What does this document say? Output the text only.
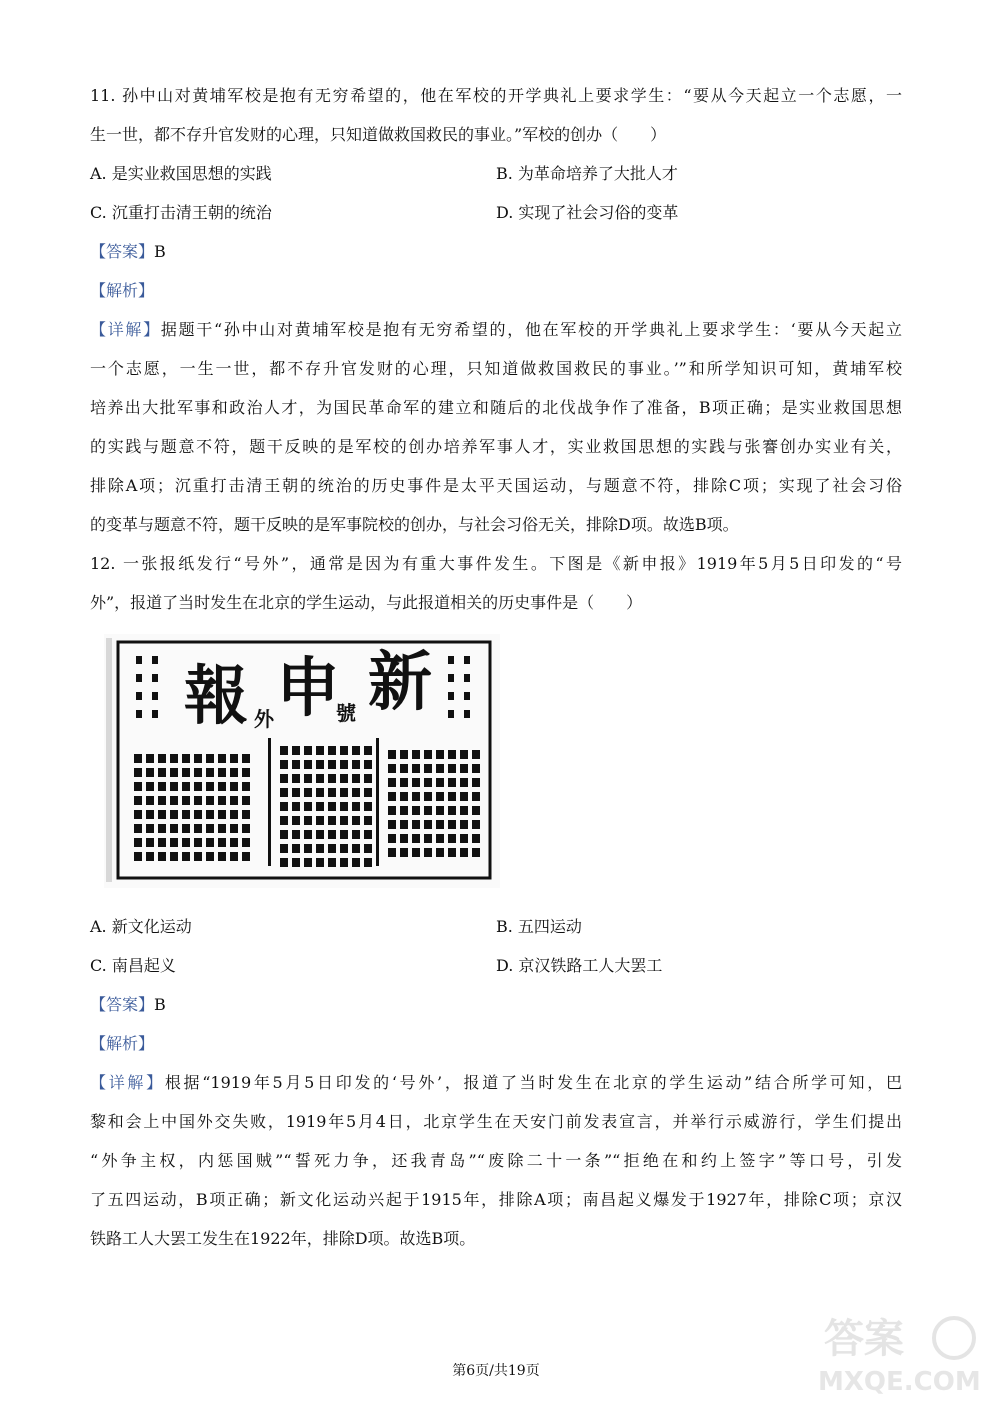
11. 孙中山对黄埔军校是抱有无穷希望的，他在军校的开学典礼上要求学生：“要从今天起立一个志愿，一
生一世，都不存升官发财的心理，只知道做救国救民的事业。”军校的创办（　　）
A. 是实业救国思想的实践	B. 为革命培养了大批人才
C. 沉重打击清王朝的统治	D. 实现了社会习俗的变革
【答案】B
【解析】
【详解】据题干“孙中山对黄埔军校是抱有无穷希望的，他在军校的开学典礼上要求学生：‘要从今天起立
一个志愿，一生一世，都不存升官发财的心理，只知道做救国救民的事业。’”和所学知识可知，黄埔军校
培养出大批军事和政治人才，为国民革命军的建立和随后的北伐战争作了准备，B项正确；是实业救国思想
的实践与题意不符，题干反映的是军校的创办培养军事人才，实业救国思想的实践与张謇创办实业有关，
排除A项；沉重打击清王朝的统治的历史事件是太平天国运动，与题意不符，排除C项；实现了社会习俗
的变革与题意不符，题干反映的是军事院校的创办，与社会习俗无关，排除D项。故选B项。
12. 一张报纸发行“号外”，通常是因为有重大事件发生。下图是《新申报》1919年5月5日印发的“号
外”，报道了当时发生在北京的学生运动，与此报道相关的历史事件是（　　）
報 申 新
外	號
A. 新文化运动	B. 五四运动
C. 南昌起义	D. 京汉铁路工人大罢工
【答案】B
【解析】
【详解】根据“1919年5月5日印发的‘号外’，报道了当时发生在北京的学生运动”结合所学可知，巴
黎和会上中国外交失败，1919年5月4日，北京学生在天安门前发表宣言，并举行示威游行，学生们提出
“外争主权，内惩国贼”“誓死力争，还我青岛”“废除二十一条”“拒绝在和约上签字”等口号，引发
了五四运动，B项正确；新文化运动兴起于1915年，排除A项；南昌起义爆发于1927年，排除C项；京汉
铁路工人大罢工发生在1922年，排除D项。故选B项。
答案
MXQE.COM
第6页/共19页
